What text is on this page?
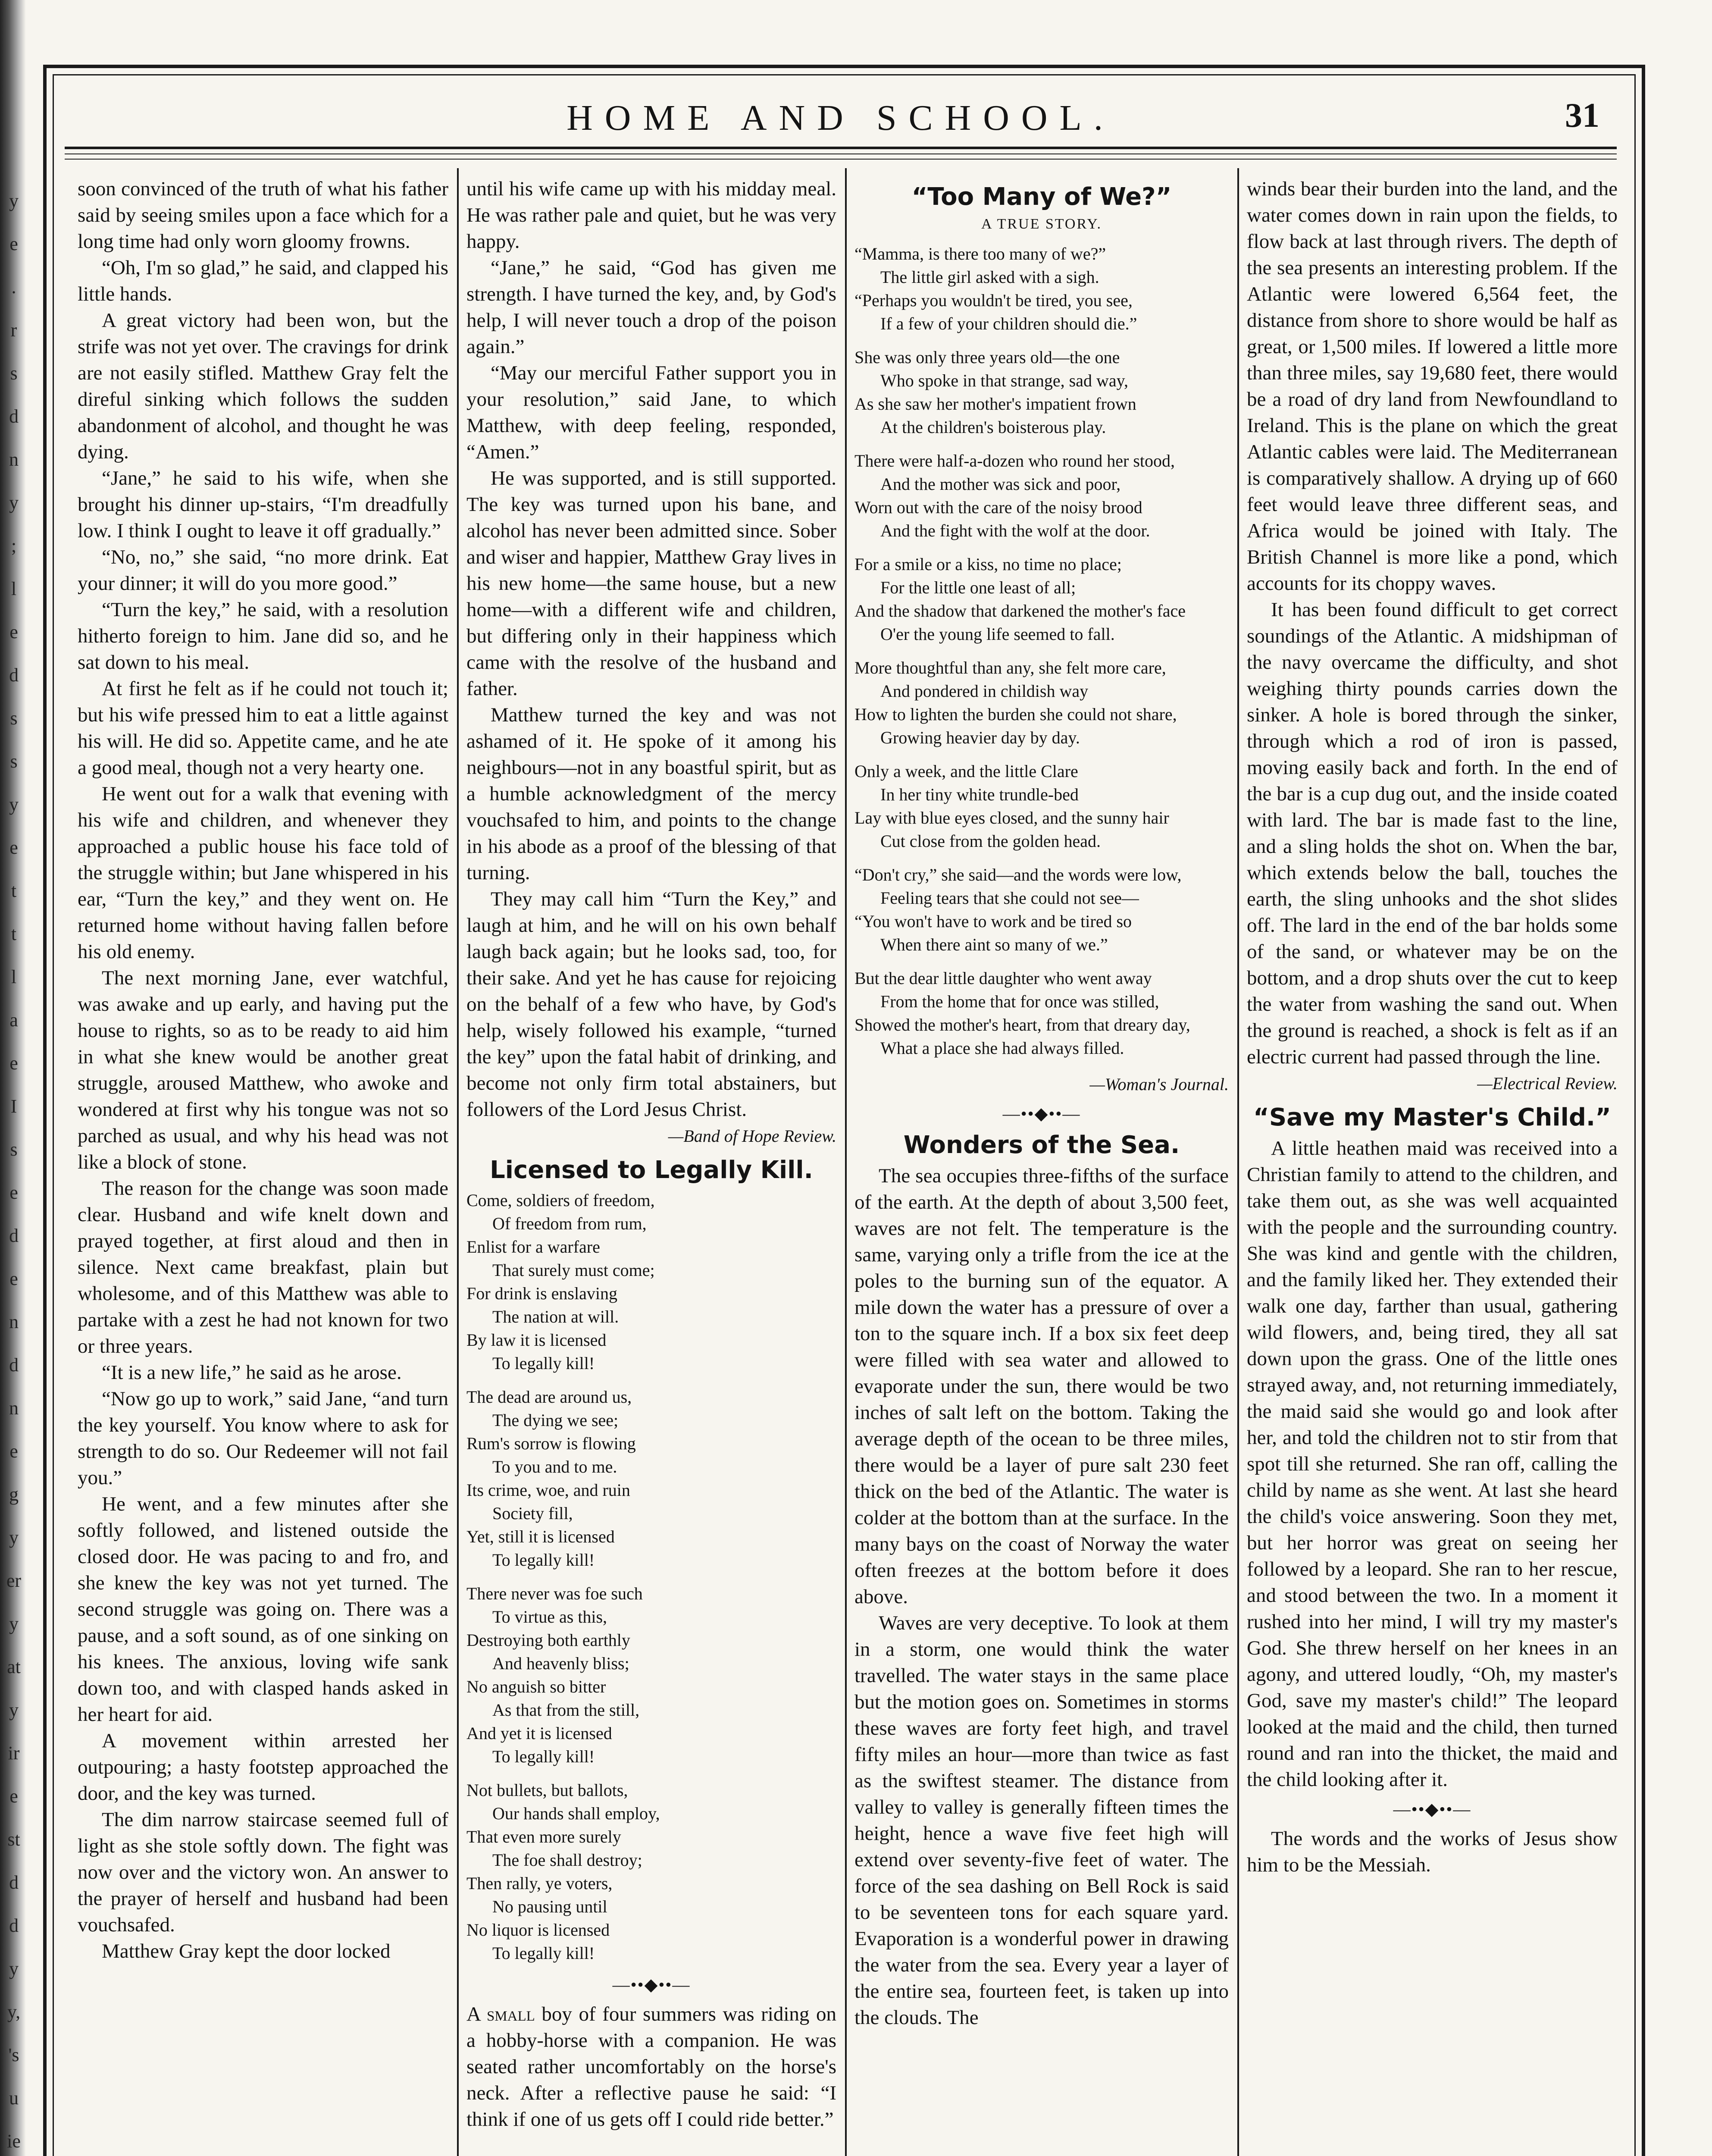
y
e
.
r
s
d
n
y
;
l
e
d
s
s
y
e
t
t
l
a
e
I
s
e
d
e
n
d
n
e
g
y
er
y
at
y
ir
e
st
d
d
y
y,
's
u
ie
HOME AND SCHOOL.	31

soon convinced of the truth of what his father said by seeing smiles upon a face which for a long time had only worn gloomy frowns.

“Oh, I'm so glad,” he said, and clapped his little hands.

A great victory had been won, but the strife was not yet over. The cravings for drink are not easily stifled. Matthew Gray felt the direful sinking which follows the sudden abandonment of alcohol, and thought he was dying.

“Jane,” he said to his wife, when she brought his dinner up-stairs, “I'm dreadfully low. I think I ought to leave it off gradually.”

“No, no,” she said, “no more drink. Eat your dinner; it will do you more good.”

“Turn the key,” he said, with a resolution hitherto foreign to him. Jane did so, and he sat down to his meal.

At first he felt as if he could not touch it; but his wife pressed him to eat a little against his will. He did so. Appetite came, and he ate a good meal, though not a very hearty one.

He went out for a walk that evening with his wife and children, and whenever they approached a public house his face told of the struggle within; but Jane whispered in his ear, “Turn the key,” and they went on. He returned home without having fallen before his old enemy.

The next morning Jane, ever watchful, was awake and up early, and having put the house to rights, so as to be ready to aid him in what she knew would be another great struggle, aroused Matthew, who awoke and wondered at first why his tongue was not so parched as usual, and why his head was not like a block of stone.

The reason for the change was soon made clear. Husband and wife knelt down and prayed together, at first aloud and then in silence. Next came breakfast, plain but wholesome, and of this Matthew was able to partake with a zest he had not known for two or three years.

“It is a new life,” he said as he arose.

“Now go up to work,” said Jane, “and turn the key yourself. You know where to ask for strength to do so. Our Redeemer will not fail you.”

He went, and a few minutes after she softly followed, and listened outside the closed door. He was pacing to and fro, and she knew the key was not yet turned. The second struggle was going on. There was a pause, and a soft sound, as of one sinking on his knees. The anxious, loving wife sank down too, and with clasped hands asked in her heart for aid.

A movement within arrested her outpouring; a hasty footstep approached the door, and the key was turned.

The dim narrow staircase seemed full of light as she stole softly down. The fight was now over and the victory won. An answer to the prayer of herself and husband had been vouchsafed.

Matthew Gray kept the door locked

until his wife came up with his midday meal. He was rather pale and quiet, but he was very happy.

“Jane,” he said, “God has given me strength. I have turned the key, and, by God's help, I will never touch a drop of the poison again.”

“May our merciful Father support you in your resolution,” said Jane, to which Matthew, with deep feeling, responded, “Amen.”

He was supported, and is still supported. The key was turned upon his bane, and alcohol has never been admitted since. Sober and wiser and happier, Matthew Gray lives in his new home—the same house, but a new home—with a different wife and children, but differing only in their happiness which came with the resolve of the husband and father.

Matthew turned the key and was not ashamed of it. He spoke of it among his neighbours—not in any boastful spirit, but as a humble acknowledgment of the mercy vouchsafed to him, and points to the change in his abode as a proof of the blessing of that turning.

They may call him “Turn the Key,” and laugh at him, and he will on his own behalf laugh back again; but he looks sad, too, for their sake. And yet he has cause for rejoicing on the behalf of a few who have, by God's help, wisely followed his example, “turned the key” upon the fatal habit of drinking, and become not only firm total abstainers, but followers of the Lord Jesus Christ.

—Band of Hope Review.

Licensed to Legally Kill.
Come, soldiers of freedom,
Of freedom from rum,
Enlist for a warfare
That surely must come;
For drink is enslaving
The nation at will.
By law it is licensed
To legally kill!
The dead are around us,
The dying we see;
Rum's sorrow is flowing
To you and to me.
Its crime, woe, and ruin
Society fill,
Yet, still it is licensed
To legally kill!
There never was foe such
To virtue as this,
Destroying both earthly
And heavenly bliss;
No anguish so bitter
As that from the still,
And yet it is licensed
To legally kill!
Not bullets, but ballots,
Our hands shall employ,
That even more surely
The foe shall destroy;
Then rally, ye voters,
No pausing until
No liquor is licensed
To legally kill!
—••◆••—

A small boy of four summers was riding on a hobby-horse with a companion. He was seated rather uncomfortably on the horse's neck. After a reflective pause he said: “I think if one of us gets off I could ride better.”

“Too Many of We?”
A TRUE STORY.
“Mamma, is there too many of we?”
The little girl asked with a sigh.
“Perhaps you wouldn't be tired, you see,
If a few of your children should die.”
She was only three years old—the one
Who spoke in that strange, sad way,
As she saw her mother's impatient frown
At the children's boisterous play.
There were half-a-dozen who round her stood,
And the mother was sick and poor,
Worn out with the care of the noisy brood
And the fight with the wolf at the door.
For a smile or a kiss, no time no place;
For the little one least of all;
And the shadow that darkened the mother's face
O'er the young life seemed to fall.
More thoughtful than any, she felt more care,
And pondered in childish way
How to lighten the burden she could not share,
Growing heavier day by day.
Only a week, and the little Clare
In her tiny white trundle-bed
Lay with blue eyes closed, and the sunny hair
Cut close from the golden head.
“Don't cry,” she said—and the words were low,
Feeling tears that she could not see—
“You won't have to work and be tired so
When there aint so many of we.”
But the dear little daughter who went away
From the home that for once was stilled,
Showed the mother's heart, from that dreary day,
What a place she had always filled.
—Woman's Journal.
—••◆••—
Wonders of the Sea.

The sea occupies three-fifths of the surface of the earth. At the depth of about 3,500 feet, waves are not felt. The temperature is the same, varying only a trifle from the ice at the poles to the burning sun of the equator. A mile down the water has a pressure of over a ton to the square inch. If a box six feet deep were filled with sea water and allowed to evaporate under the sun, there would be two inches of salt left on the bottom. Taking the average depth of the ocean to be three miles, there would be a layer of pure salt 230 feet thick on the bed of the Atlantic. The water is colder at the bottom than at the surface. In the many bays on the coast of Norway the water often freezes at the bottom before it does above.

Waves are very deceptive. To look at them in a storm, one would think the water travelled. The water stays in the same place but the motion goes on. Sometimes in storms these waves are forty feet high, and travel fifty miles an hour—more than twice as fast as the swiftest steamer. The distance from valley to valley is generally fifteen times the height, hence a wave five feet high will extend over seventy-five feet of water. The force of the sea dashing on Bell Rock is said to be seventeen tons for each square yard. Evaporation is a wonderful power in drawing the water from the sea. Every year a layer of the entire sea, fourteen feet, is taken up into the clouds. The

winds bear their burden into the land, and the water comes down in rain upon the fields, to flow back at last through rivers. The depth of the sea presents an interesting problem. If the Atlantic were lowered 6,564 feet, the distance from shore to shore would be half as great, or 1,500 miles. If lowered a little more than three miles, say 19,680 feet, there would be a road of dry land from Newfoundland to Ireland. This is the plane on which the great Atlantic cables were laid. The Mediterranean is comparatively shallow. A drying up of 660 feet would leave three different seas, and Africa would be joined with Italy. The British Channel is more like a pond, which accounts for its choppy waves.

It has been found difficult to get correct soundings of the Atlantic. A midshipman of the navy overcame the difficulty, and shot weighing thirty pounds carries down the sinker. A hole is bored through the sinker, through which a rod of iron is passed, moving easily back and forth. In the end of the bar is a cup dug out, and the inside coated with lard. The bar is made fast to the line, and a sling holds the shot on. When the bar, which extends below the ball, touches the earth, the sling unhooks and the shot slides off. The lard in the end of the bar holds some of the sand, or whatever may be on the bottom, and a drop shuts over the cut to keep the water from washing the sand out. When the ground is reached, a shock is felt as if an electric current had passed through the line.

—Electrical Review.

“Save my Master's Child.”

A little heathen maid was received into a Christian family to attend to the children, and take them out, as she was well acquainted with the people and the surrounding country. She was kind and gentle with the children, and the family liked her. They extended their walk one day, farther than usual, gathering wild flowers, and, being tired, they all sat down upon the grass. One of the little ones strayed away, and, not returning immediately, the maid said she would go and look after her, and told the children not to stir from that spot till she returned. She ran off, calling the child by name as she went. At last she heard the child's voice answering. Soon they met, but her horror was great on seeing her followed by a leopard. She ran to her rescue, and stood between the two. In a moment it rushed into her mind, I will try my master's God. She threw herself on her knees in an agony, and uttered loudly, “Oh, my master's God, save my master's child!” The leopard looked at the maid and the child, then turned round and ran into the thicket, the maid and the child looking after it.

—••◆••—

The words and the works of Jesus show him to be the Messiah.
